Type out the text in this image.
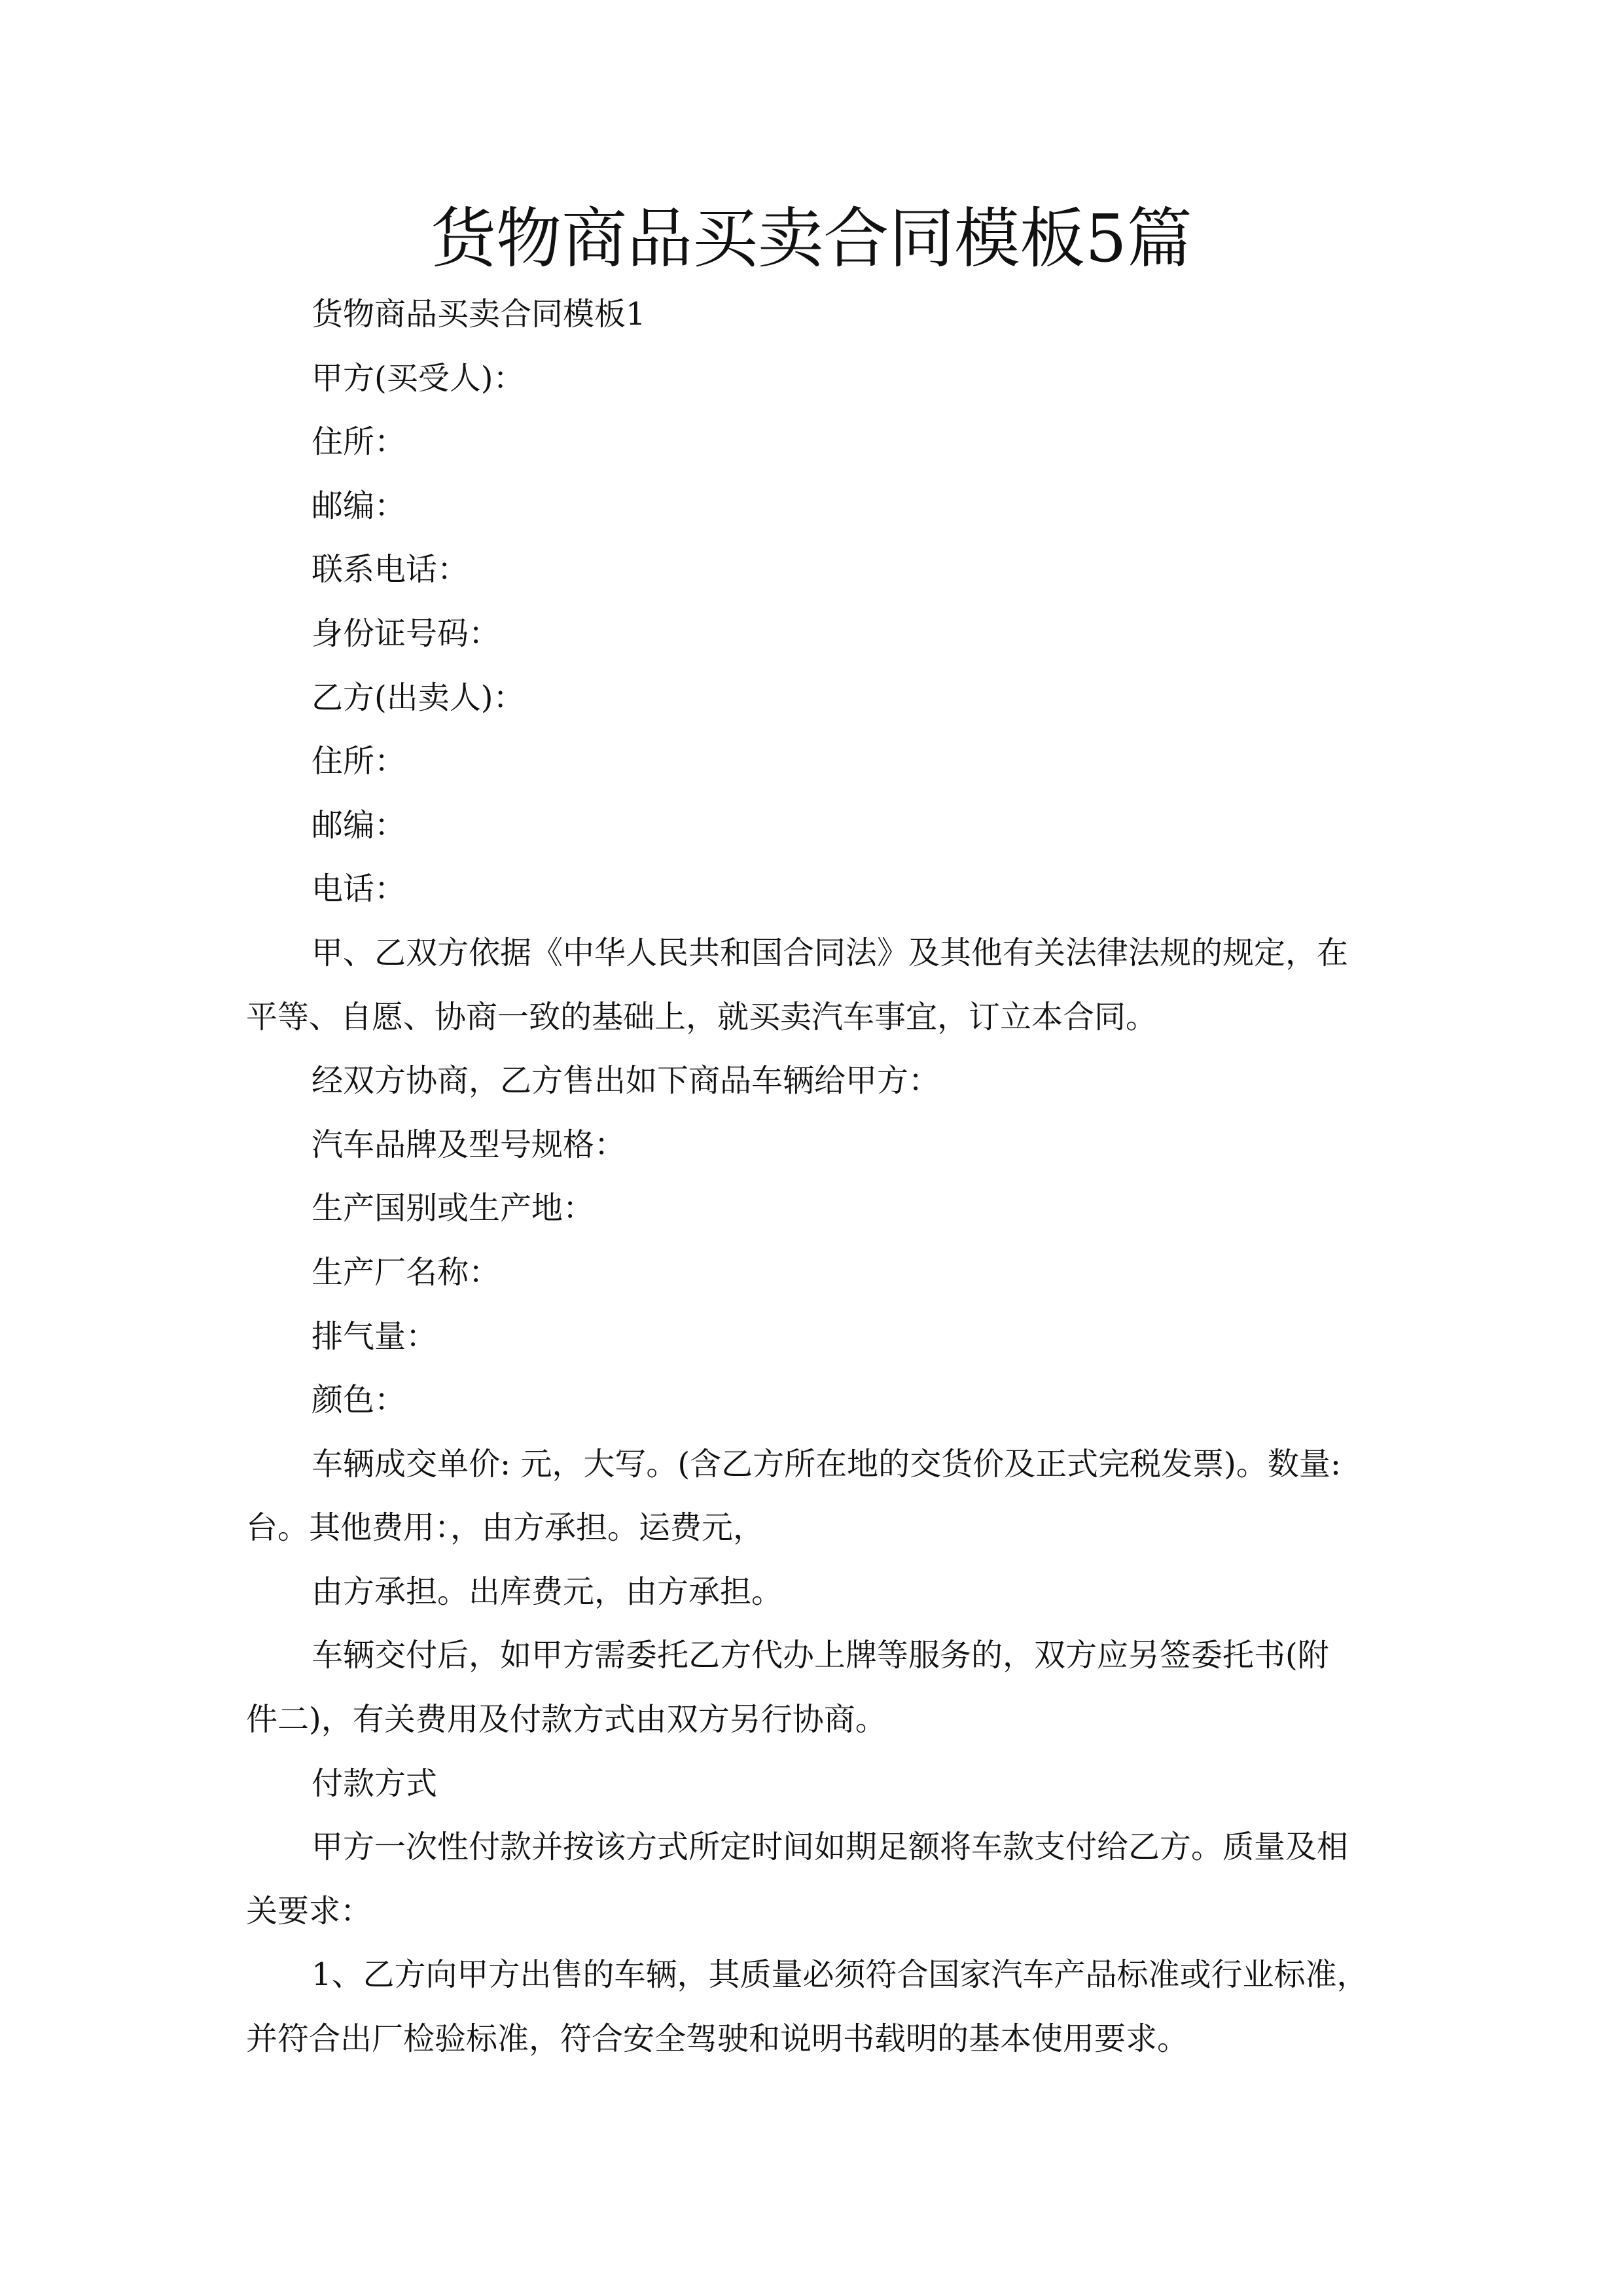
货物商品买卖合同模板5篇
货物商品买卖合同模板1
甲方(买受人)：
住所：
邮编：
联系电话：
身份证号码：
乙方(出卖人)：
住所：
邮编：
电话：
甲、乙双方依据《中华人民共和国合同法》及其他有关法律法规的规定，在
平等、自愿、协商一致的基础上，就买卖汽车事宜，订立本合同。
经双方协商，乙方售出如下商品车辆给甲方：
汽车品牌及型号规格：
生产国别或生产地：
生产厂名称：
排气量：
颜色：
车辆成交单价: 元，大写。(含乙方所在地的交货价及正式完税发票)。数量:
台。其他费用：，由方承担。运费元，
由方承担。出库费元，由方承担。
车辆交付后，如甲方需委托乙方代办上牌等服务的，双方应另签委托书(附
件二)，有关费用及付款方式由双方另行协商。
付款方式
甲方一次性付款并按该方式所定时间如期足额将车款支付给乙方。质量及相
关要求：
1、乙方向甲方出售的车辆，其质量必须符合国家汽车产品标准或行业标准，
并符合出厂检验标准，符合安全驾驶和说明书载明的基本使用要求。
